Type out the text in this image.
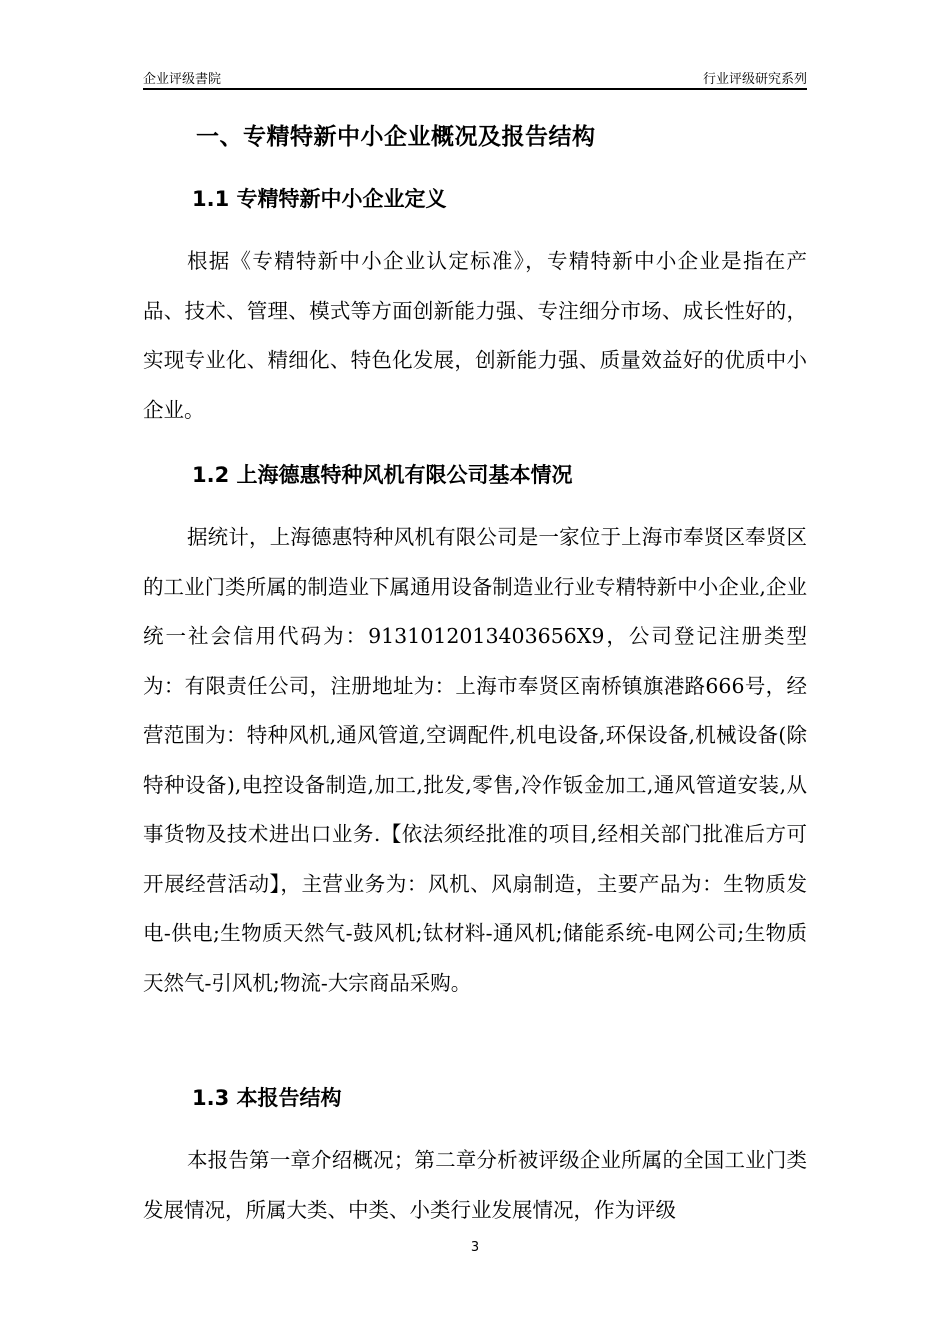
企业评级書院	行业评级研究系列
一、专精特新中小企业概况及报告结构
1.1 专精特新中小企业定义
根据《专精特新中小企业认定标准》，专精特新中小企业是指在产品、技术、管理、模式等方面创新能力强、专注细分市场、成长性好的，实现专业化、精细化、特色化发展，创新能力强、质量效益好的优质中小企业。
1.2 上海德惠特种风机有限公司基本情况
据统计，上海德惠特种风机有限公司是一家位于上海市奉贤区奉贤区的工业门类所属的制造业下属通用设备制造业行业专精特新中小企业,企业统一社会信用代码为：9131012013403656X9，公司登记注册类型为：有限责任公司，注册地址为：上海市奉贤区南桥镇旗港路666号，经营范围为：特种风机,通风管道,空调配件,机电设备,环保设备,机械设备(除特种设备),电控设备制造,加工,批发,零售,冷作钣金加工,通风管道安装,从事货物及技术进出口业务.【依法须经批准的项目,经相关部门批准后方可开展经营活动】，主营业务为：风机、风扇制造，主要产品为：生物质发电-供电;生物质天然气-鼓风机;钛材料-通风机;储能系统-电网公司;生物质天然气-引风机;物流-大宗商品采购。
1.3 本报告结构
本报告第一章介绍概况；第二章分析被评级企业所属的全国工业门类发展情况，所属大类、中类、小类行业发展情况，作为评级
3
